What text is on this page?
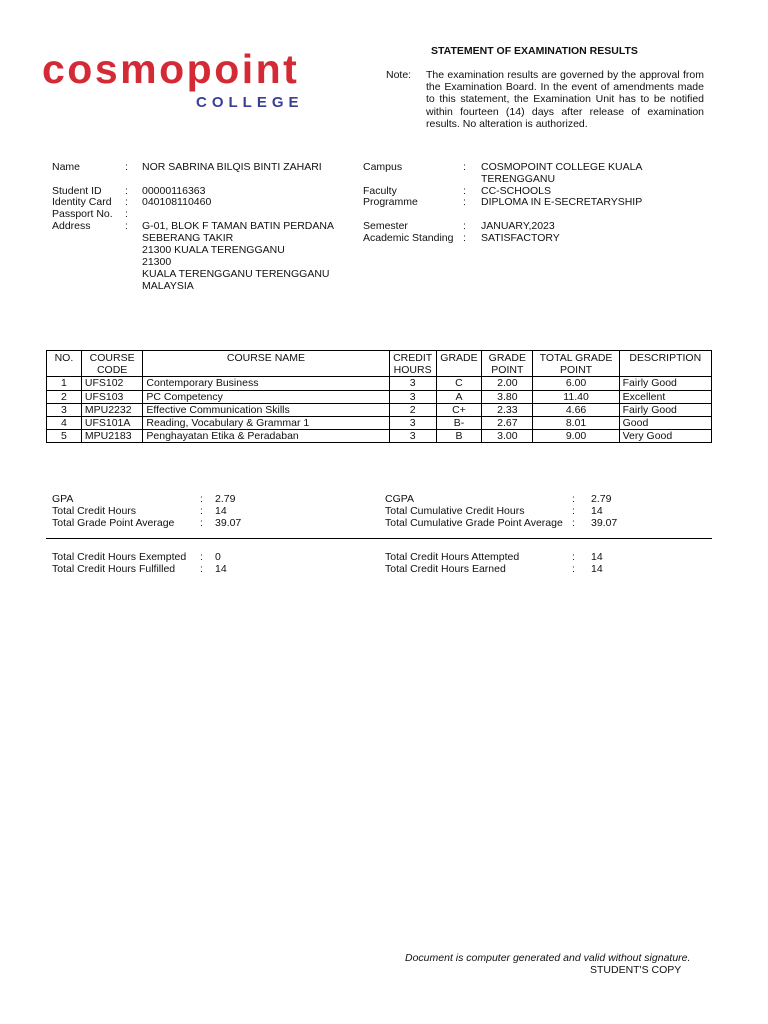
cosmopoint
COLLEGE
STATEMENT OF EXAMINATION RESULTS
Note: The examination results are governed by the approval from the Examination Board. In the event of amendments made to this statement, the Examination Unit has to be notified within fourteen (14) days after release of examination results. No alteration is authorized.
Name	: NOR SABRINA BILQIS BINTI ZAHARI
Student ID : 00000116363
Identity Card : 040108110460
Passport No. :
Address	: G-01, BLOK F TAMAN BATIN PERDANA
SEBERANG TAKIR
21300 KUALA TERENGGANU
21300
KUALA TERENGGANU TERENGGANU
MALAYSIA
Campus	: COSMOPOINT COLLEGE KUALA
TERENGGANU
Faculty	: CC-SCHOOLS
Programme	: DIPLOMA IN E-SECRETARYSHIP
Semester	: JANUARY,2023
Academic Standing : SATISFACTORY
NO.	COURSE CODE	COURSE NAME	CREDIT HOURS	GRADE	GRADE POINT	TOTAL GRADE POINT	DESCRIPTION
1	UFS102	Contemporary Business	3	C	2.00	6.00	Fairly Good
2	UFS103	PC Competency	3	A	3.80	11.40	Excellent
3	MPU2232	Effective Communication Skills	2	C+	2.33	4.66	Fairly Good
4	UFS101A	Reading, Vocabulary & Grammar 1	3	B-	2.67	8.01	Good
5	MPU2183	Penghayatan Etika & Peradaban	3	B	3.00	9.00	Very Good
GPA	: 2.79
Total Credit Hours	: 14
Total Grade Point Average : 39.07
CGPA	: 2.79
Total Cumulative Credit Hours	: 14
Total Cumulative Grade Point Average : 39.07
Total Credit Hours Exempted : 0
Total Credit Hours Fulfilled : 14
Total Credit Hours Attempted	: 14
Total Credit Hours Earned	: 14
Document is computer generated and valid without signature.
STUDENT'S COPY
